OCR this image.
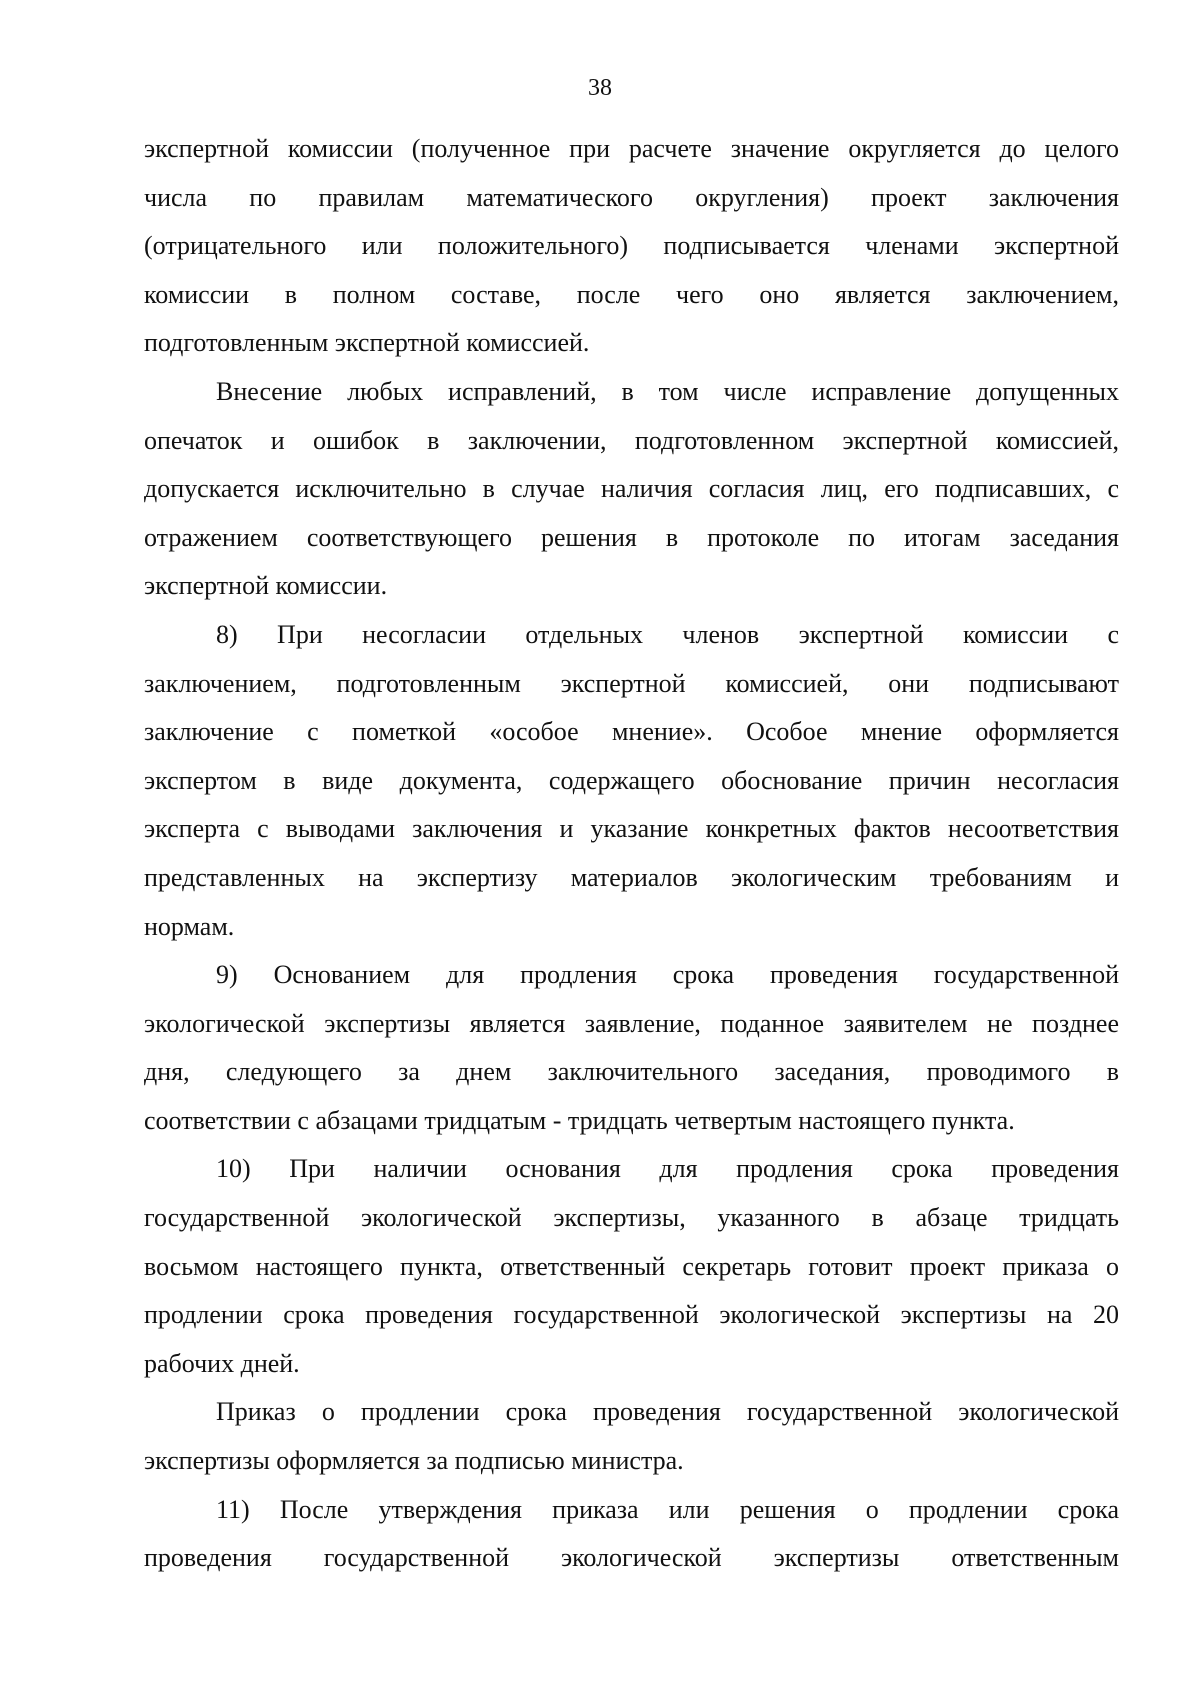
38

экспертной комиссии (полученное при расчете значение округляется до целого
числа по правилам математического округления) проект заключения
(отрицательного или положительного) подписывается членами экспертной
комиссии в полном составе, после чего оно является заключением,
подготовленным экспертной комиссией.

Внесение любых исправлений, в том числе исправление допущенных
опечаток и ошибок в заключении, подготовленном экспертной комиссией,
допускается исключительно в случае наличия согласия лиц, его подписавших, с
отражением соответствующего решения в протоколе по итогам заседания
экспертной комиссии.

8) При несогласии отдельных членов экспертной комиссии с
заключением, подготовленным экспертной комиссией, они подписывают
заключение с пометкой «особое мнение». Особое мнение оформляется
экспертом в виде документа, содержащего обоснование причин несогласия
эксперта с выводами заключения и указание конкретных фактов несоответствия
представленных на экспертизу материалов экологическим требованиям и
нормам.

9) Основанием для продления срока проведения государственной
экологической экспертизы является заявление, поданное заявителем не позднее
дня, следующего за днем заключительного заседания, проводимого в
соответствии с абзацами тридцатым - тридцать четвертым настоящего пункта.

10) При наличии основания для продления срока проведения
государственной экологической экспертизы, указанного в абзаце тридцать
восьмом настоящего пункта, ответственный секретарь готовит проект приказа о
продлении срока проведения государственной экологической экспертизы на 20
рабочих дней.

Приказ о продлении срока проведения государственной экологической
экспертизы оформляется за подписью министра.

11) После утверждения приказа или решения о продлении срока
проведения государственной экологической экспертизы ответственным
